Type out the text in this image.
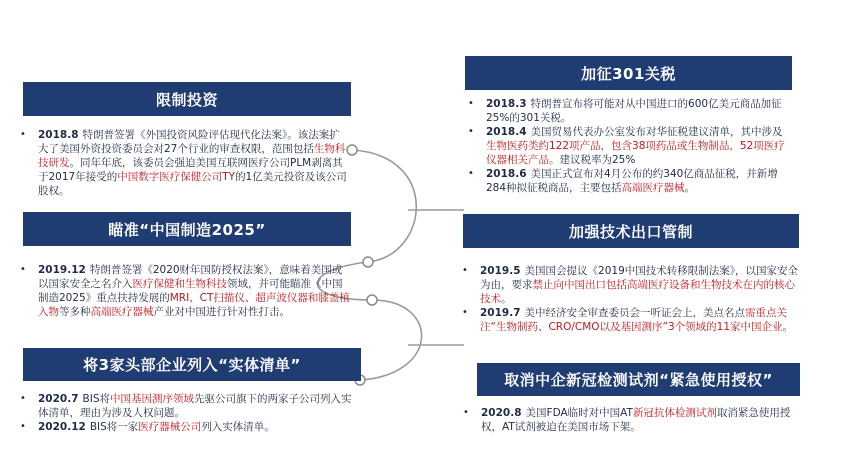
限制投资

• 2018.8 特朗普签署《外国投资风险评估现代化法案》。该法案扩大了美国外资投资委员会对27个行业的审查权限，范围包括生物科技研发。同年年底，该委员会强迫美国互联网医疗公司PLM剥离其于2017年接受的中国数字医疗保健公司TY的1亿美元投资及该公司股权。

瞄准“中国制造2025”

• 2019.12 特朗普签署《2020财年国防授权法案》，意味着美国或以国家安全之名介入医疗保健和生物科技领域，并可能瞄准《中国制造2025》重点扶持发展的MRI、CT扫描仪、超声波仪器和膝盖植入物等多种高端医疗器械产业对中国进行针对性打击。

将3家头部企业列入“实体清单”

• 2020.7 BIS将中国基因测序领域先驱公司旗下的两家子公司列入实体清单，理由为涉及人权问题。

• 2020.12 BIS将一家医疗器械公司列入实体清单。

加征301关税

• 2018.3 特朗普宣布将可能对从中国进口的600亿美元商品加征25%的301关税。

• 2018.4 美国贸易代表办公室发布对华征税建议清单，其中涉及生物医药类约122项产品，包含38项药品或生物制品，52项医疗仪器相关产品。建议税率为25%

• 2018.6 美国正式宣布对4月公布的约340亿商品征税，并新增284种拟征税商品，主要包括高端医疗器械。

加强技术出口管制

• 2019.5 美国国会提议《2019中国技术转移限制法案》，以国家安全为由，要求禁止向中国出口包括高端医疗设备和生物技术在内的核心技术。

• 2019.7 美中经济安全审查委员会一听证会上，美点名点需重点关注“生物制药、CRO/CMO以及基因测序”3个领域的11家中国企业。

取消中企新冠检测试剂“紧急使用授权”

• 2020.8 美国FDA临时对中国AT新冠抗体检测试剂取消紧急使用授权，AT试剂被迫在美国市场下架。
